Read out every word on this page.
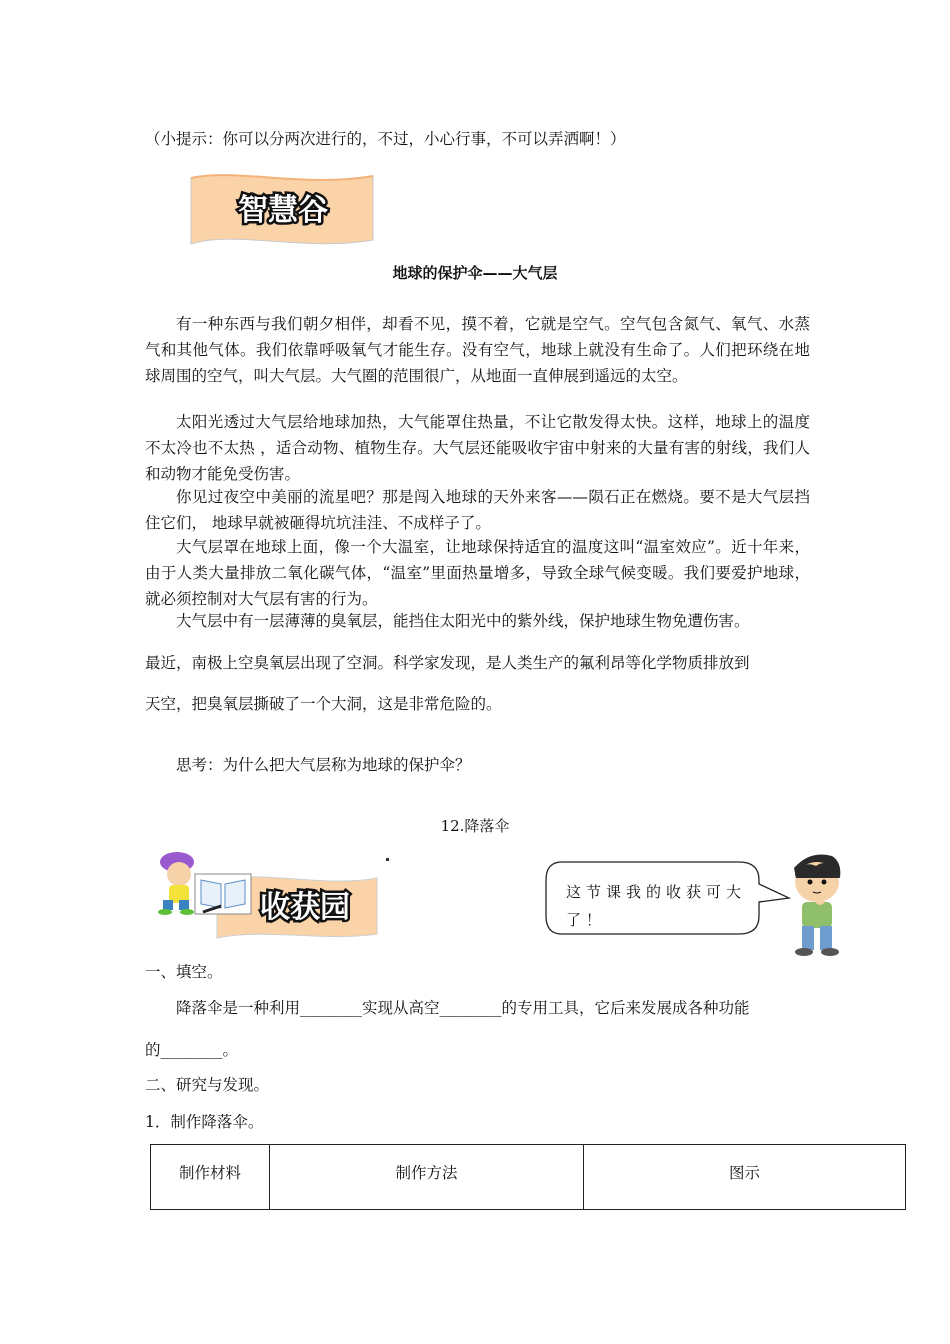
（小提示：你可以分两次进行的，不过，小心行事，不可以弄洒啊！）
智慧谷
地球的保护伞——大气层
有一种东西与我们朝夕相伴，却看不见，摸不着，它就是空气。空气包含氮气、氧气、水蒸气和其他气体。我们依靠呼吸氧气才能生存。没有空气，地球上就没有生命了。人们把环绕在地球周围的空气，叫大气层。大气圈的范围很广，从地面一直伸展到遥远的太空。
太阳光透过大气层给地球加热，大气能罩住热量，不让它散发得太快。这样，地球上的温度不太冷也不太热 ，适合动物、植物生存。大气层还能吸收宇宙中射来的大量有害的射线，我们人和动物才能免受伤害。
你见过夜空中美丽的流星吧？那是闯入地球的天外来客——陨石正在燃烧。要不是大气层挡住它们， 地球早就被砸得坑坑洼洼、不成样子了。
大气层罩在地球上面，像一个大温室，让地球保持适宜的温度这叫“温室效应”。近十年来，由于人类大量排放二氧化碳气体，“温室”里面热量增多，导致全球气候变暖。我们要爱护地球，就必须控制对大气层有害的行为。
大气层中有一层薄薄的臭氧层，能挡住太阳光中的紫外线，保护地球生物免遭伤害。
最近，南极上空臭氧层出现了空洞。科学家发现，是人类生产的氟利昂等化学物质排放到
天空，把臭氧层撕破了一个大洞，这是非常危险的。
思考：为什么把大气层称为地球的保护伞？
12.降落伞
收获园	这节课我的收获可大了！
一、填空。
降落伞是一种利用________实现从高空________的专用工具，它后来发展成各种功能
的________。
二、研究与发现。
1．制作降落伞。
制作材料	制作方法	图示
